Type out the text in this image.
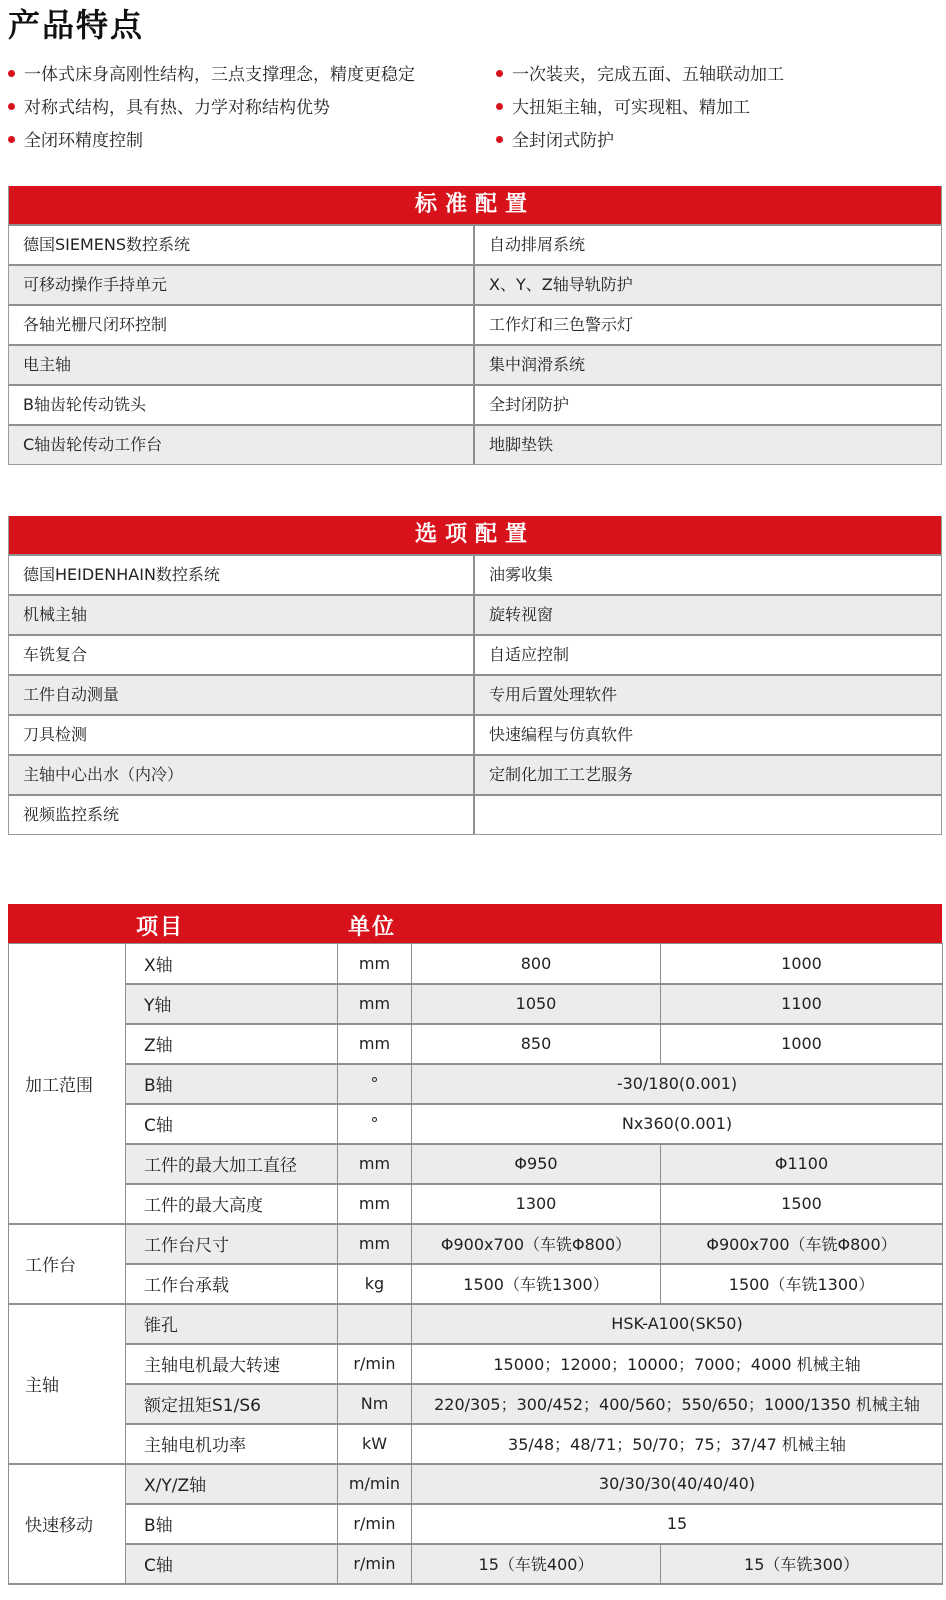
产品特点
一体式床身高刚性结构，三点支撑理念，精度更稳定
对称式结构，具有热、力学对称结构优势
全闭环精度控制
一次装夹，完成五面、五轴联动加工
大扭矩主轴，可实现粗、精加工
全封闭式防护
标准配置
德国SIEMENS数控系统	自动排屑系统
可移动操作手持单元	X、Y、Z轴导轨防护
各轴光栅尺闭环控制	工作灯和三色警示灯
电主轴	集中润滑系统
B轴齿轮传动铣头	全封闭防护
C轴齿轮传动工作台	地脚垫铁
选项配置
德国HEIDENHAIN数控系统	油雾收集
机械主轴	旋转视窗
车铣复合	自适应控制
工件自动测量	专用后置处理软件
刀具检测	快速编程与仿真软件
主轴中心出水（内冷）	定制化加工工艺服务
视频监控系统
项目	单位
加工范围	X轴	mm	800	1000
	Y轴	mm	1050	1100
	Z轴	mm	850	1000
	B轴	°	-30/180(0.001)	
	C轴	°	Nx360(0.001)	
	工件的最大加工直径	mm	Φ950	Φ1100
	工件的最大高度	mm	1300	1500
工作台	工作台尺寸	mm	Φ900x700（车铣Φ800）	Φ900x700（车铣Φ800）
	工作台承载	kg	1500（车铣1300）	1500（车铣1300）
主轴	锥孔		HSK-A100(SK50)	
	主轴电机最大转速	r/min	15000；12000；10000；7000；4000 机械主轴	
	额定扭矩S1/S6	Nm	220/305；300/452；400/560；550/650；1000/1350 机械主轴	
	主轴电机功率	kW	35/48；48/71；50/70；75；37/47 机械主轴	
快速移动	X/Y/Z轴	m/min	30/30/30(40/40/40)	
	B轴	r/min	15	
	C轴	r/min	15（车铣400）	15（车铣300）
